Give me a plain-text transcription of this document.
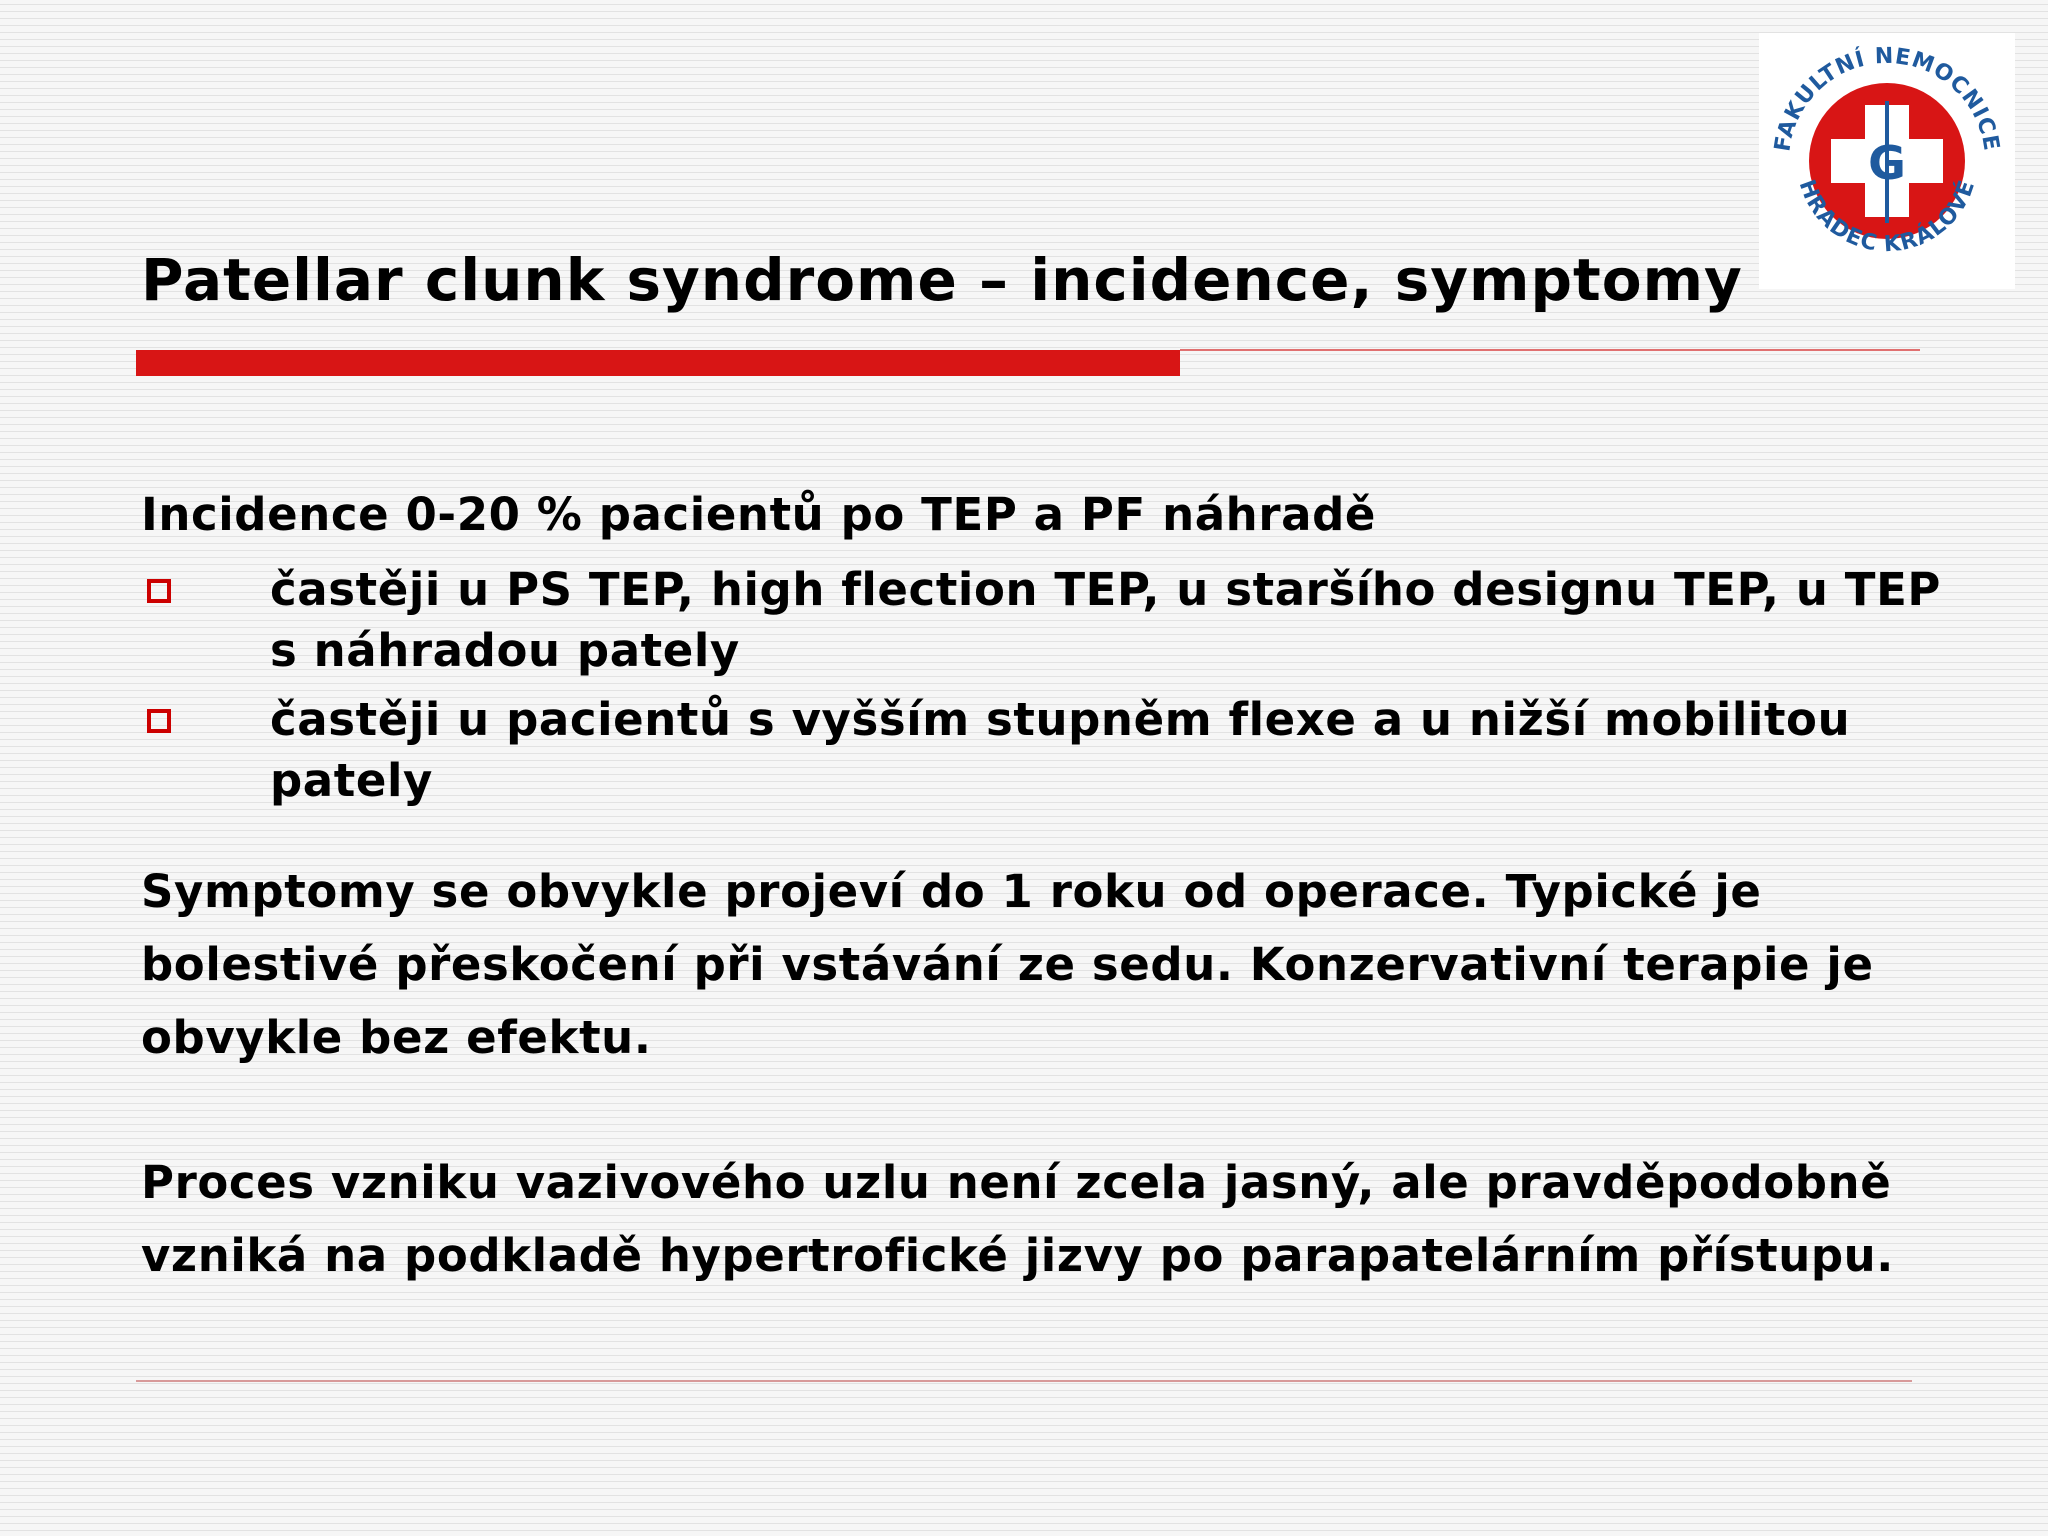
G
FAKULTNÍ NEMOCNICE
HRADEC KRÁLOVÉ
Patellar clunk syndrome – incidence, symptomy

Incidence 0-20 % pacientů po TEP a PF náhradě

častěji u PS TEP, high flection TEP, u staršího designu TEP, u TEP s náhradou pately
častěji u pacientů s vyšším stupněm flexe a u nižší mobilitou pately

Symptomy se obvykle projeví do 1 roku od operace. Typické je bolestivé přeskočení při vstávání ze sedu. Konzervativní terapie je obvykle bez efektu.

Proces vzniku vazivového uzlu není zcela jasný, ale pravděpodobně vzniká na podkladě hypertrofické jizvy po parapatelárním přístupu.
